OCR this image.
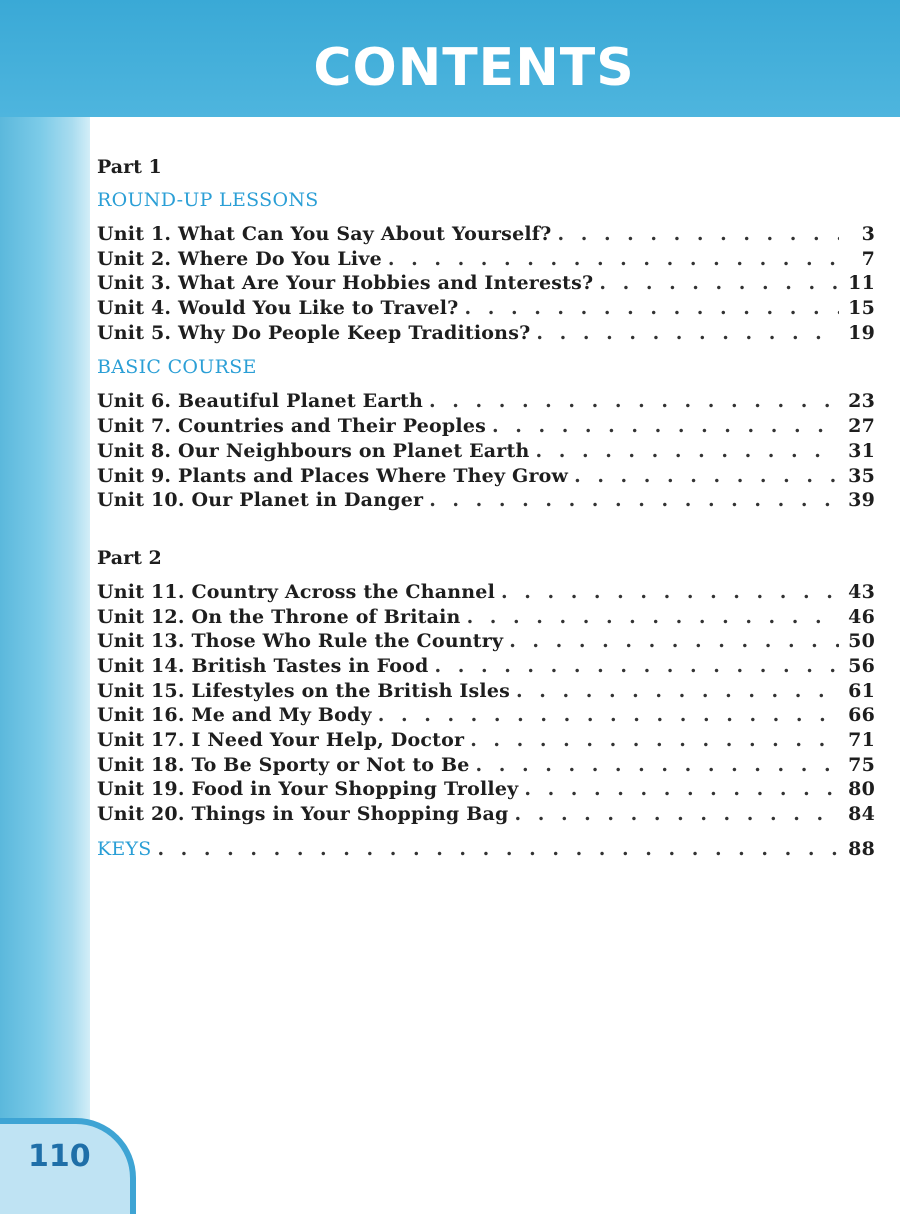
CONTENTS
Part 1
ROUND-UP LESSONS
Unit 1. What Can You Say About Yourself? . . .	3
Unit 2. Where Do You Live . . .	7
Unit 3. What Are Your Hobbies and Interests? . . .	11
Unit 4. Would You Like to Travel? . . .	15
Unit 5. Why Do People Keep Traditions? . . .	19
BASIC COURSE
Unit 6. Beautiful Planet Earth . . .	23
Unit 7. Countries and Their Peoples . . .	27
Unit 8. Our Neighbours on Planet Earth . . .	31
Unit 9. Plants and Places Where They Grow . . .	35
Unit 10. Our Planet in Danger . . .	39
Part 2
Unit 11. Country Across the Channel . . .	43
Unit 12. On the Throne of Britain . . .	46
Unit 13. Those Who Rule the Country . . .	50
Unit 14. British Tastes in Food . . .	56
Unit 15. Lifestyles on the British Isles . . .	61
Unit 16. Me and My Body . . .	66
Unit 17. I Need Your Help, Doctor . . .	71
Unit 18. To Be Sporty or Not to Be . . .	75
Unit 19. Food in Your Shopping Trolley . . .	80
Unit 20. Things in Your Shopping Bag . . .	84
KEYS . . .	88
110
